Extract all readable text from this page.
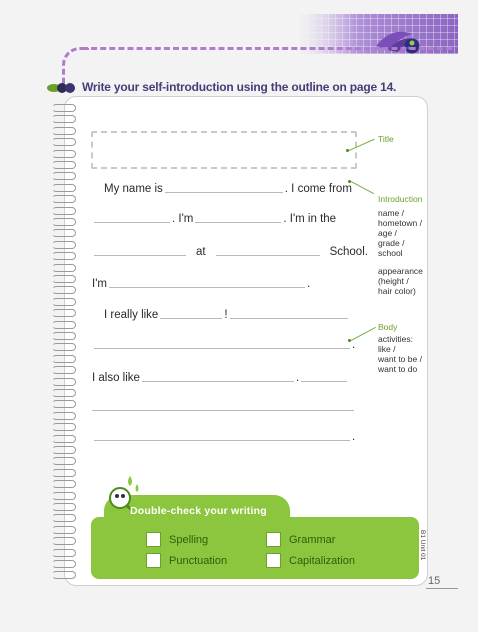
Write your self-introduction using the outline on page 14.
My name is	. I come from
. I'm	. I'm in the
at	School.
I'm	.
I really like	!
.
I also like	.
.
Title
Introduction
name /
hometown /
age /
grade /
school
appearance
(height /
hair color)
Body
activities:
like /
want to be /
want to do
Double-check your writing
Spelling	Grammar
Punctuation	Capitalization
B1 Unit 01
15
